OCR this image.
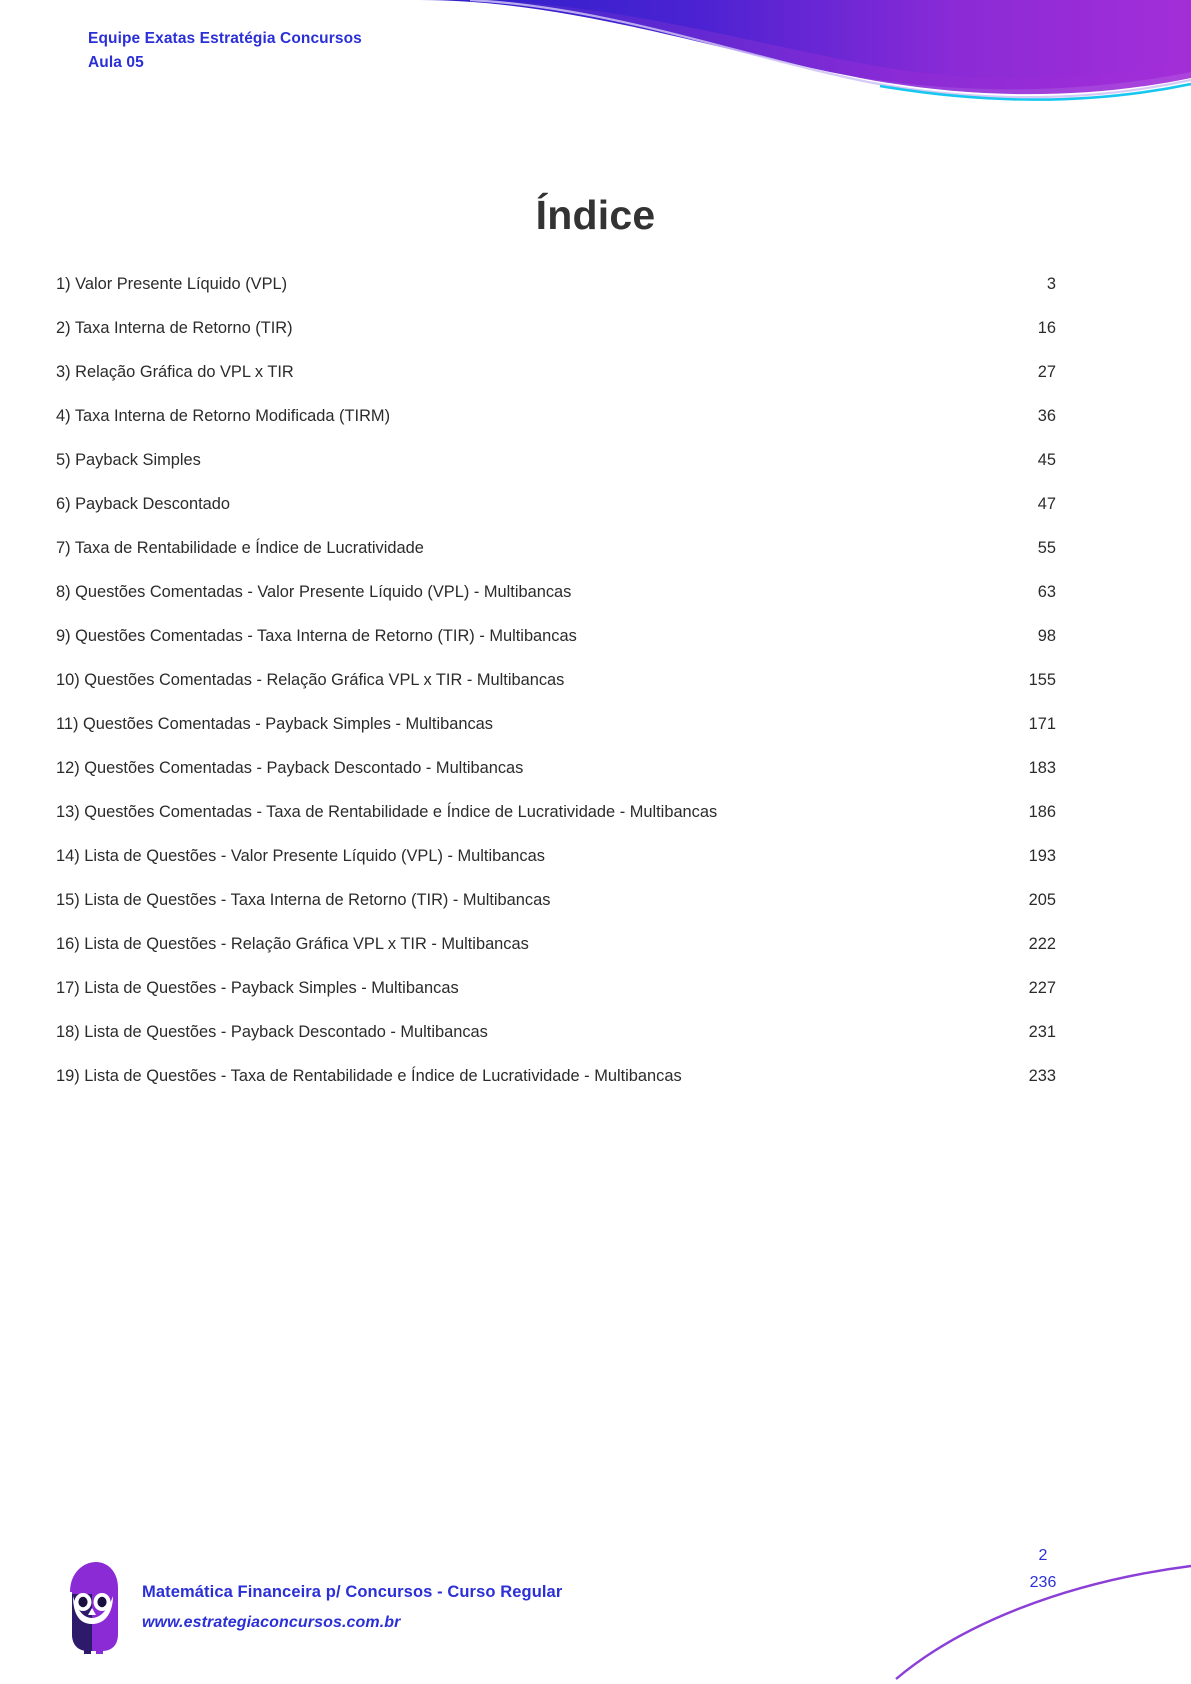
Equipe Exatas Estratégia Concursos
Aula 05
Índice
1) Valor Presente Líquido (VPL) . . .	3
2) Taxa Interna de Retorno (TIR) . . .	16
3) Relação Gráfica do VPL x TIR . . .	27
4) Taxa Interna de Retorno Modificada (TIRM) . . .	36
5) Payback Simples . . .	45
6) Payback Descontado . . .	47
7) Taxa de Rentabilidade e Índice de Lucratividade . . .	55
8) Questões Comentadas - Valor Presente Líquido (VPL) - Multibancas . . .	63
9) Questões Comentadas - Taxa Interna de Retorno (TIR) - Multibancas . . .	98
10) Questões Comentadas - Relação Gráfica VPL x TIR - Multibancas . . .	155
11) Questões Comentadas - Payback Simples - Multibancas . . .	171
12) Questões Comentadas - Payback Descontado - Multibancas . . .	183
13) Questões Comentadas - Taxa de Rentabilidade e Índice de Lucratividade - Multibancas . . .	186
14) Lista de Questões - Valor Presente Líquido (VPL) - Multibancas . . .	193
15) Lista de Questões - Taxa Interna de Retorno (TIR) - Multibancas . . .	205
16) Lista de Questões - Relação Gráfica VPL x TIR - Multibancas . . .	222
17) Lista de Questões - Payback Simples - Multibancas . . .	227
18) Lista de Questões - Payback Descontado - Multibancas . . .	231
19) Lista de Questões - Taxa de Rentabilidade e Índice de Lucratividade - Multibancas . . .	233
Matemática Financeira p/ Concursos - Curso Regular
www.estrategiaconcursos.com.br
2
236
